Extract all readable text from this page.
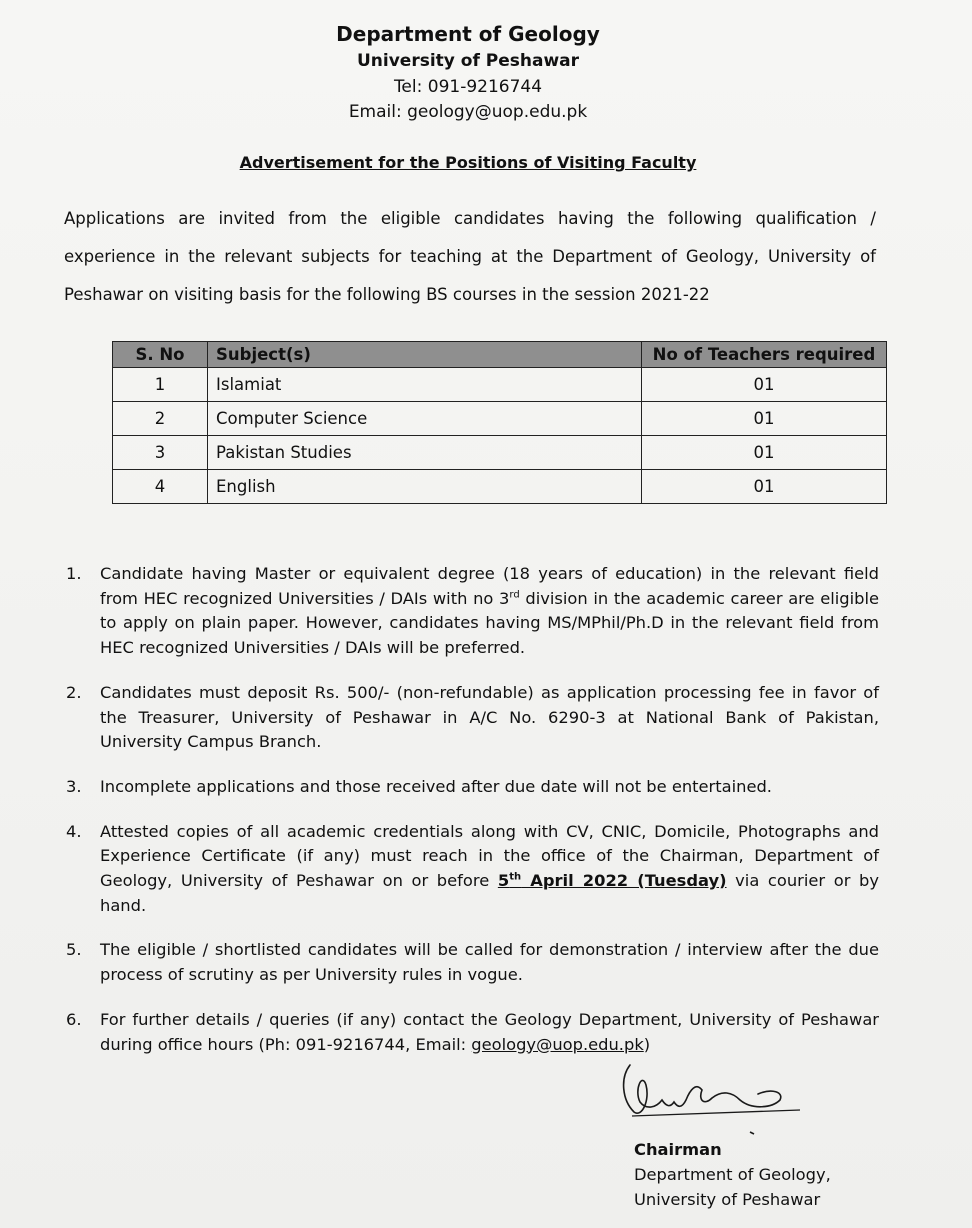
Department of Geology
University of Peshawar
Tel: 091-9216744
Email: geology@uop.edu.pk
Advertisement for the Positions of Visiting Faculty
Applications are invited from the eligible candidates having the following qualification / experience in the relevant subjects for teaching at the Department of Geology, University of Peshawar on visiting basis for the following BS courses in the session 2021-22
S. No	Subject(s)	No of Teachers required
1	Islamiat	01
2	Computer Science	01
3	Pakistan Studies	01
4	English	01
1. Candidate having Master or equivalent degree (18 years of education) in the relevant field from HEC recognized Universities / DAIs with no 3rd division in the academic career are eligible to apply on plain paper. However, candidates having MS/MPhil/Ph.D in the relevant field from HEC recognized Universities / DAIs will be preferred.
2. Candidates must deposit Rs. 500/- (non-refundable) as application processing fee in favor of the Treasurer, University of Peshawar in A/C No. 6290-3 at National Bank of Pakistan, University Campus Branch.
3. Incomplete applications and those received after due date will not be entertained.
4. Attested copies of all academic credentials along with CV, CNIC, Domicile, Photographs and Experience Certificate (if any) must reach in the office of the Chairman, Department of Geology, University of Peshawar on or before 5th April 2022 (Tuesday) via courier or by hand.
5. The eligible / shortlisted candidates will be called for demonstration / interview after the due process of scrutiny as per University rules in vogue.
6. For further details / queries (if any) contact the Geology Department, University of Peshawar during office hours (Ph: 091-9216744, Email: geology@uop.edu.pk)
Chairman
Department of Geology,
University of Peshawar
